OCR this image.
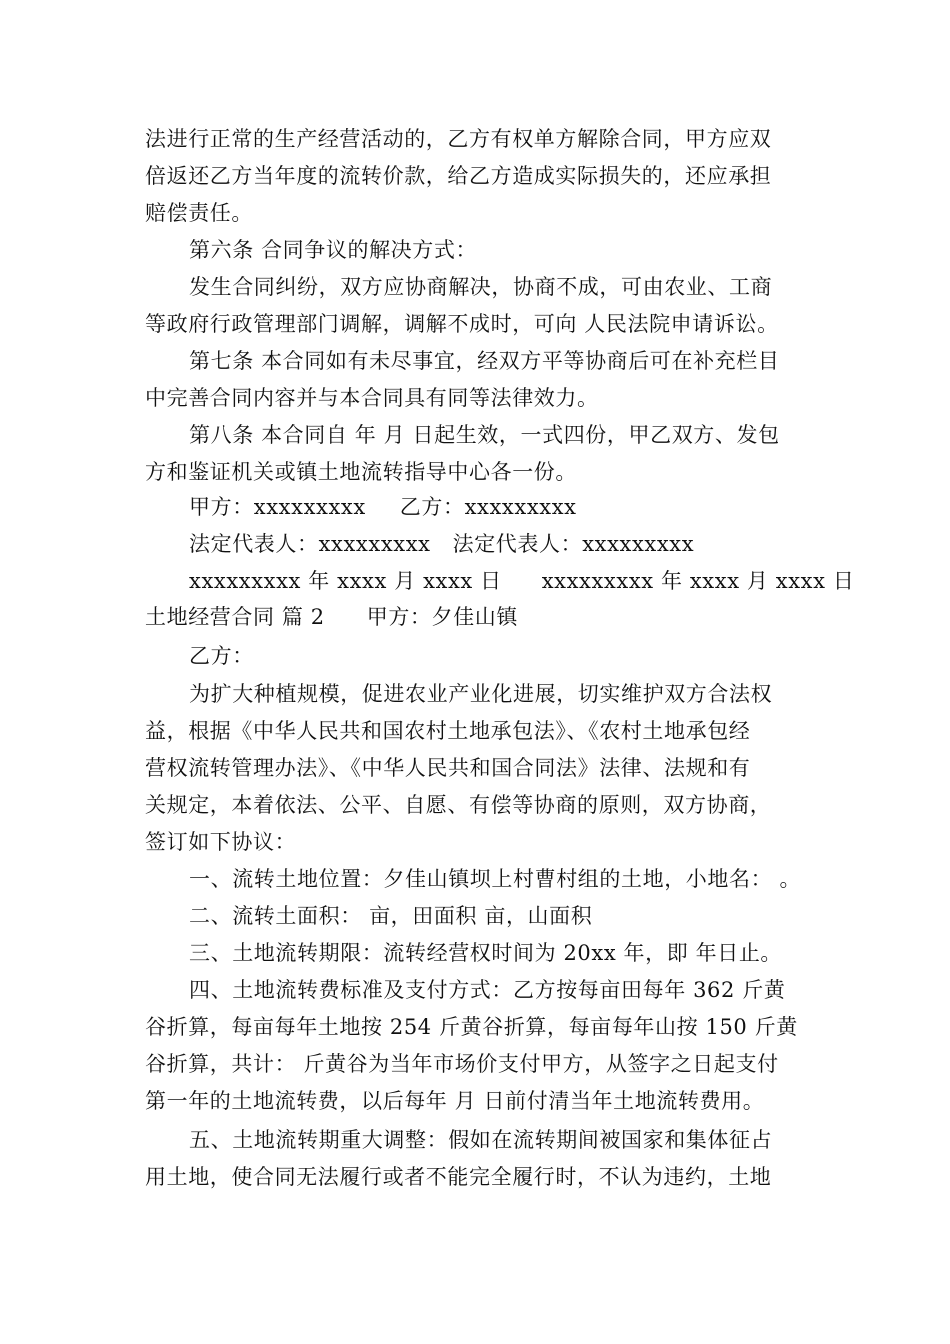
法进行正常的生产经营活动的，乙方有权单方解除合同，甲方应双
倍返还乙方当年度的流转价款，给乙方造成实际损失的，还应承担
赔偿责任。
第六条 合同争议的解决方式：
发生合同纠纷，双方应协商解决，协商不成，可由农业、工商
等政府行政管理部门调解，调解不成时，可向 人民法院申请诉讼。
第七条 本合同如有未尽事宜，经双方平等协商后可在补充栏目
中完善合同内容并与本合同具有同等法律效力。
第八条 本合同自 年 月 日起生效，一式四份，甲乙双方、发包
方和鉴证机关或镇土地流转指导中心各一份。
甲方：xxxxxxxxx 乙方：xxxxxxxxx
法定代表人：xxxxxxxxx 法定代表人：xxxxxxxxx
xxxxxxxxx 年 xxxx 月 xxxx 日 xxxxxxxxx 年 xxxx 月 xxxx 日
土地经营合同 篇 2 甲方：夕佳山镇
乙方：
为扩大种植规模，促进农业产业化进展，切实维护双方合法权
益，根据《中华人民共和国农村土地承包法》、《农村土地承包经
营权流转管理办法》、《中华人民共和国合同法》法律、法规和有
关规定，本着依法、公平、自愿、有偿等协商的原则，双方协商，
签订如下协议：
一、流转土地位置：夕佳山镇坝上村曹村组的土地，小地名： 。
二、流转土面积： 亩，田面积 亩，山面积
三、土地流转期限：流转经营权时间为 20xx 年，即 年日止。
四、土地流转费标准及支付方式：乙方按每亩田每年 362 斤黄
谷折算，每亩每年土地按 254 斤黄谷折算，每亩每年山按 150 斤黄
谷折算，共计： 斤黄谷为当年市场价支付甲方，从签字之日起支付
第一年的土地流转费，以后每年 月 日前付清当年土地流转费用。
五、土地流转期重大调整：假如在流转期间被国家和集体征占
用土地，使合同无法履行或者不能完全履行时，不认为违约，土地
